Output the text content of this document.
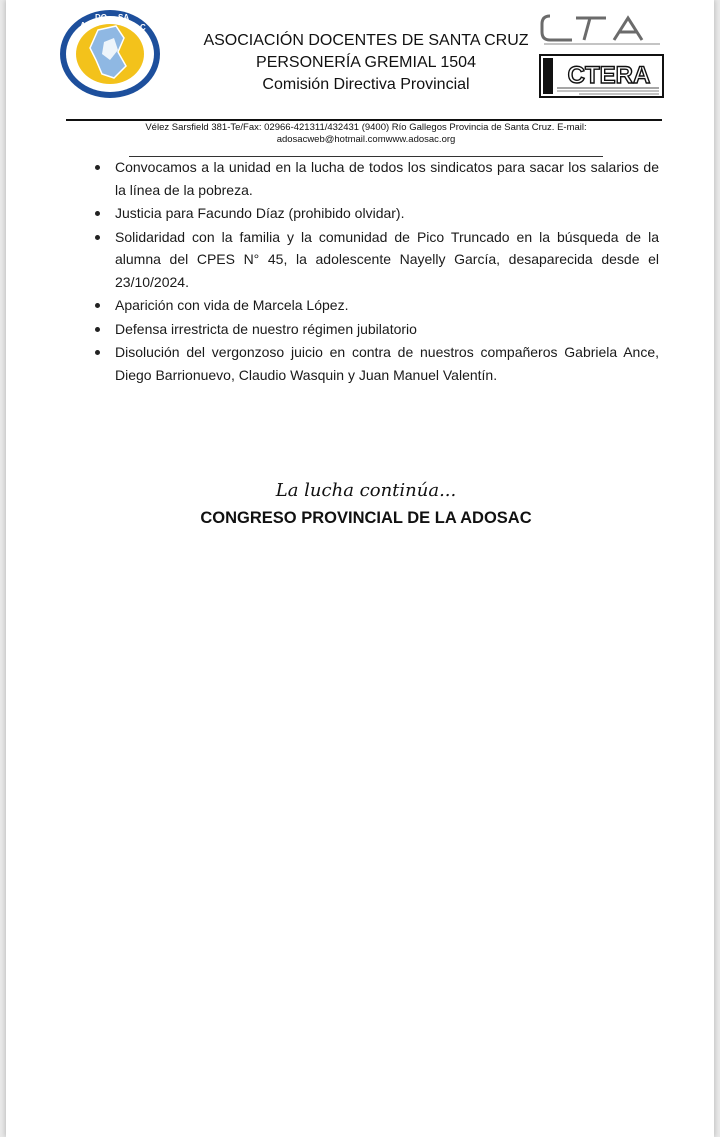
A
DO SA
C
ASOCIACIÓN DOCENTES DE SANTA CRUZ
PERSONERÍA GREMIAL 1504
Comisión Directiva Provincial	CTERA
Vélez Sarsfield 381-Te/Fax: 02966-421311/432431 (9400) Río Gallegos Provincia de Santa Cruz. E-mail:
adosacweb@hotmail.comwww.adosac.org
Convocamos a la unidad en la lucha de todos los sindicatos para sacar los salarios de la línea de la pobreza.
Justicia para Facundo Díaz (prohibido olvidar).
Solidaridad con la familia y la comunidad de Pico Truncado en la búsqueda de la alumna del CPES N° 45, la adolescente Nayelly García, desaparecida desde el 23/10/2024.
Aparición con vida de Marcela López.
Defensa irrestricta de nuestro régimen jubilatorio
Disolución del vergonzoso juicio en contra de nuestros compañeros Gabriela Ance, Diego Barrionuevo, Claudio Wasquin y Juan Manuel Valentín.
La lucha continúa...
CONGRESO PROVINCIAL DE LA ADOSAC
